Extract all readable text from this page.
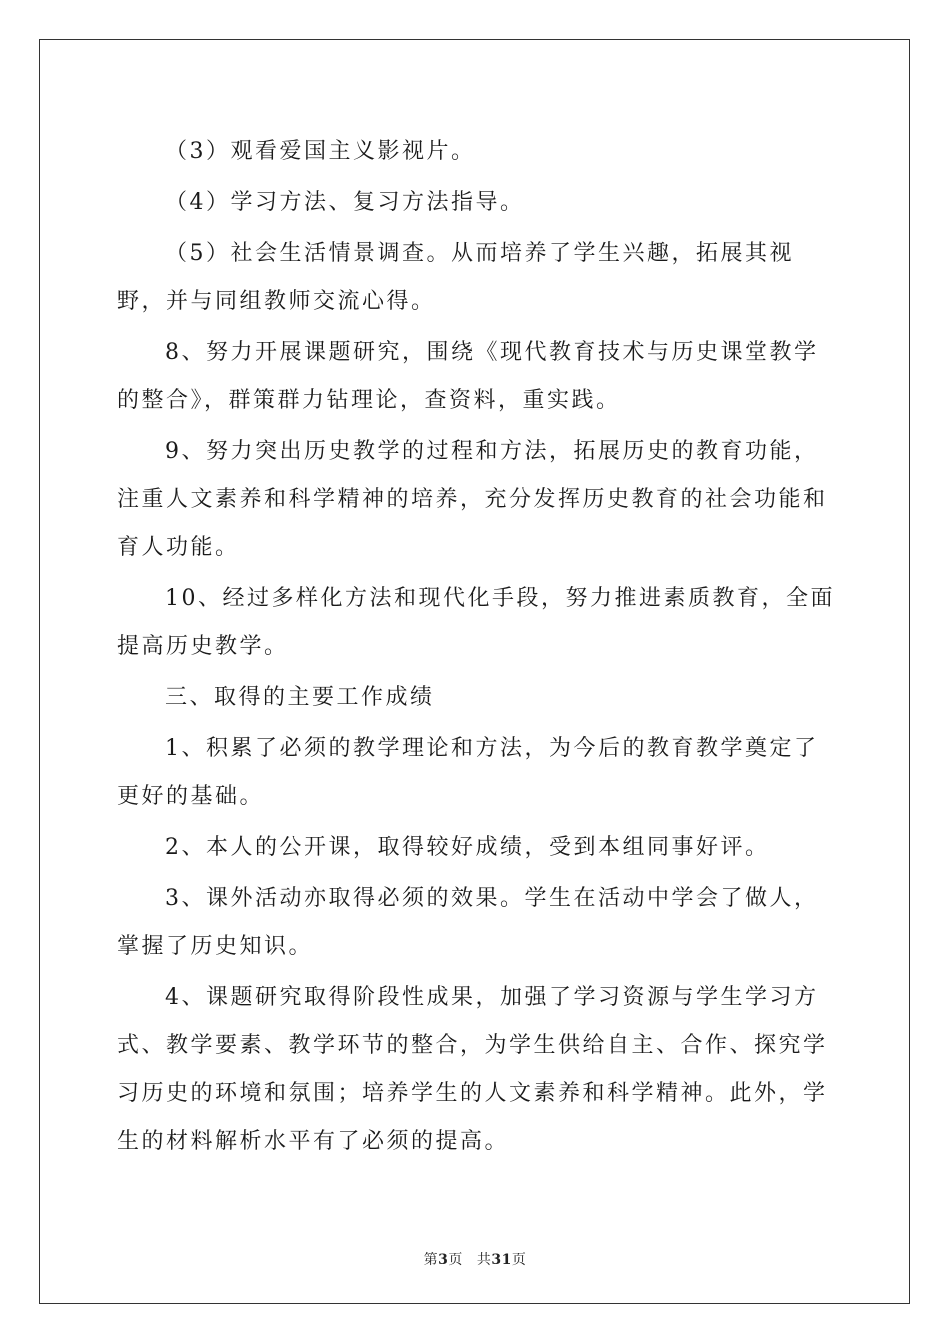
（3）观看爱国主义影视片。

（4）学习方法、复习方法指导。

（5）社会生活情景调查。从而培养了学生兴趣，拓展其视野，并与同组教师交流心得。

8、努力开展课题研究，围绕《现代教育技术与历史课堂教学的整合》，群策群力钻理论，查资料，重实践。

9、努力突出历史教学的过程和方法，拓展历史的教育功能，注重人文素养和科学精神的培养，充分发挥历史教育的社会功能和育人功能。

10、经过多样化方法和现代化手段，努力推进素质教育，全面提高历史教学。

三、取得的主要工作成绩

1、积累了必须的教学理论和方法，为今后的教育教学奠定了更好的基础。

2、本人的公开课，取得较好成绩，受到本组同事好评。

3、课外活动亦取得必须的效果。学生在活动中学会了做人，掌握了历史知识。

4、课题研究取得阶段性成果，加强了学习资源与学生学习方式、教学要素、教学环节的整合，为学生供给自主、合作、探究学习历史的环境和氛围；培养学生的人文素养和科学精神。此外，学生的材料解析水平有了必须的提高。

第3页 共31页
